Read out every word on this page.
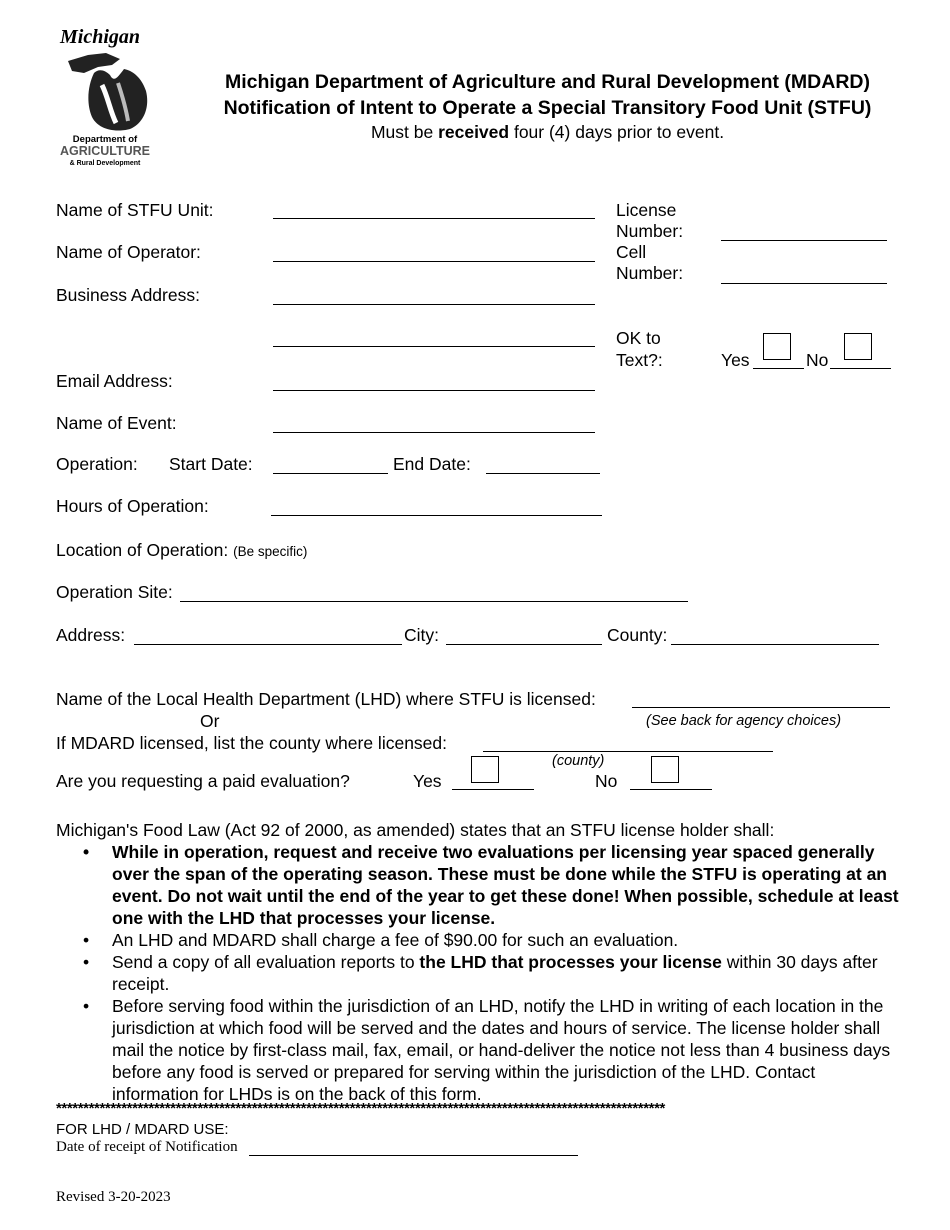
Michigan
Department of
AGRICULTURE
& Rural Development
Michigan Department of Agriculture and Rural Development (MDARD)
Notification of Intent to Operate a Special Transitory Food Unit (STFU)
Must be received four (4) days prior to event.
Name of STFU Unit:
Name of Operator:
Business Address:
Email Address:
Name of Event:
Operation: Start Date:	End Date:
Hours of Operation:
Location of Operation: (Be specific)
Operation Site:
Address:	City:	County:
License
Number:
Cell
Number:
OK to
Text?:	Yes	No
Name of the Local Health Department (LHD) where STFU is licensed:
Or	(See back for agency choices)
If MDARD licensed, list the county where licensed:
(county)
Are you requesting a paid evaluation?	Yes	No
Michigan's Food Law (Act 92 of 2000, as amended) states that an STFU license holder shall:
• While in operation, request and receive two evaluations per licensing year spaced generally over the span of the operating season. These must be done while the STFU is operating at an event. Do not wait until the end of the year to get these done! When possible, schedule at least one with the LHD that processes your license.
• An LHD and MDARD shall charge a fee of $90.00 for such an evaluation.
• Send a copy of all evaluation reports to the LHD that processes your license within 30 days after receipt.
• Before serving food within the jurisdiction of an LHD, notify the LHD in writing of each location in the jurisdiction at which food will be served and the dates and hours of service. The license holder shall mail the notice by first-class mail, fax, email, or hand-deliver the notice not less than 4 business days before any food is served or prepared for serving within the jurisdiction of the LHD. Contact information for LHDs is on the back of this form.
****************************************************************************************************************
FOR LHD / MDARD USE:
Date of receipt of Notification
Revised 3-20-2023
